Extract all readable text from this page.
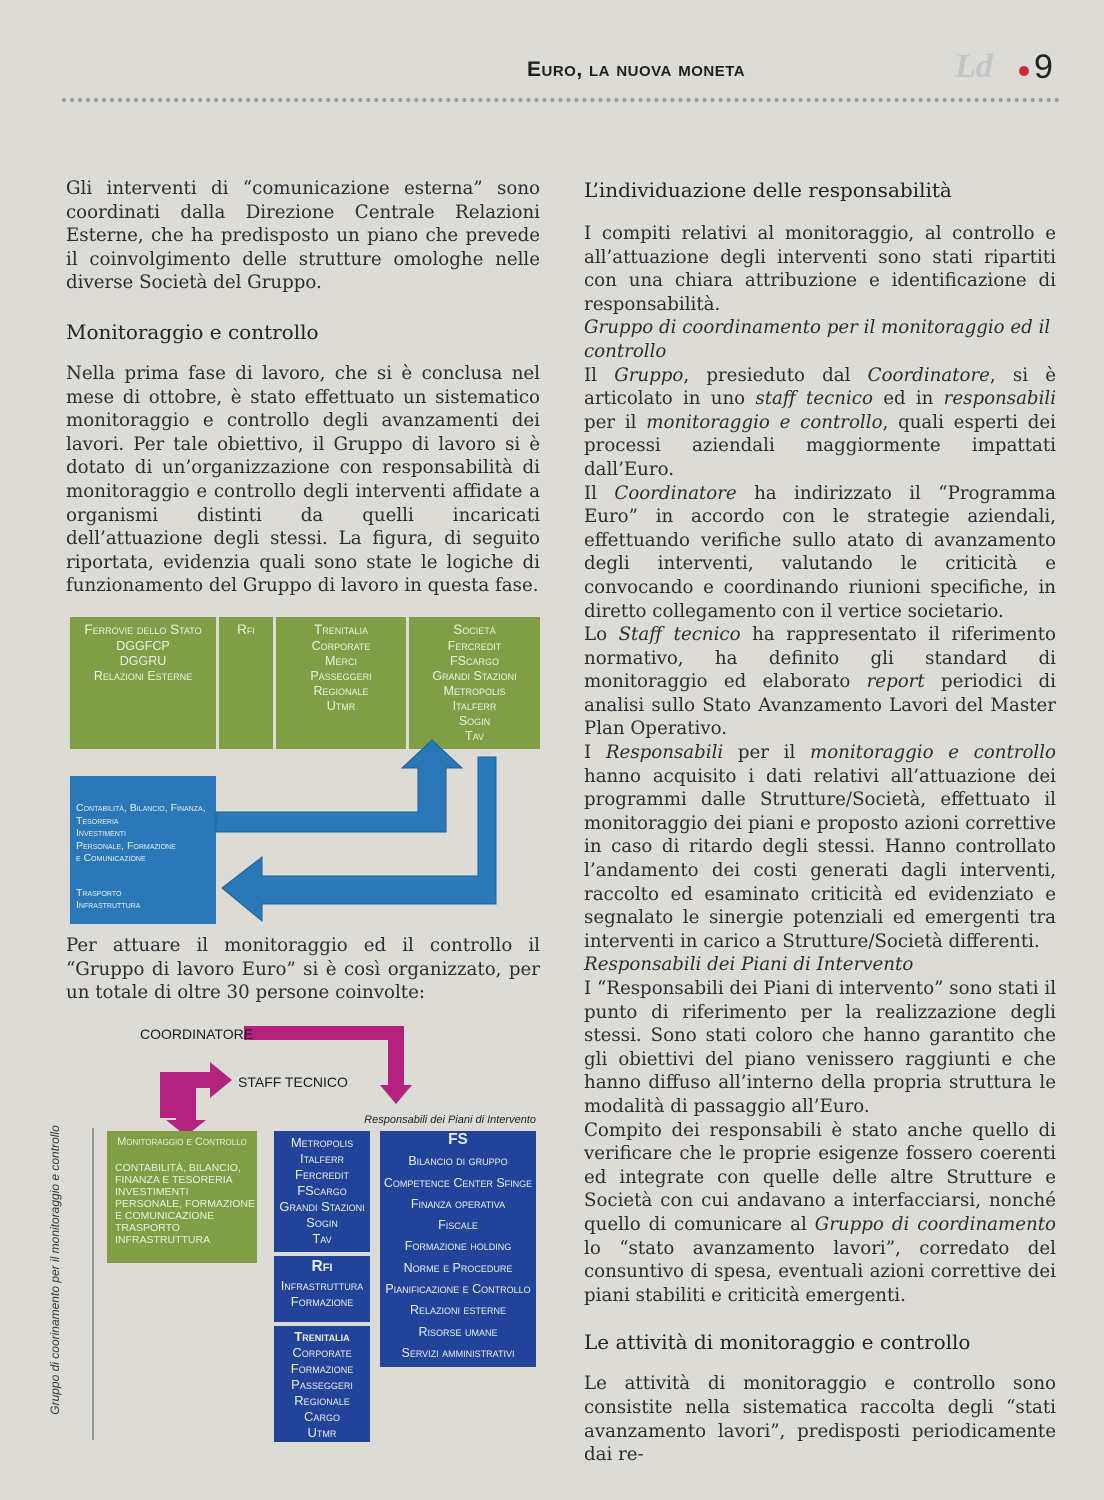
Euro, la nuova moneta	Ld 9

Gli interventi di “comunicazione esterna” sono coordinati dalla Direzione Centrale Relazioni Esterne, che ha predisposto un piano che prevede il coinvolgimento delle strutture omologhe nelle diverse Società del Gruppo.

Monitoraggio e controllo

Nella prima fase di lavoro, che si è conclusa nel mese di ottobre, è stato effettuato un sistematico monitoraggio e controllo degli avanzamenti dei lavori. Per tale obiettivo, il Gruppo di lavoro si è dotato di un’organizzazione con responsabilità di monitoraggio e controllo degli interventi affidate a organismi distinti da quelli incaricati dell’attuazione degli stessi. La figura, di seguito riportata, evidenzia quali sono state le logiche di funzionamento del Gruppo di lavoro in questa fase.

Ferrovie dello Stato
DGGFCP
DGGRU
Relazioni Esterne
Rfi	Trenitalia
Corporate
Merci
Passeggeri
Regionale
Utmr
Società
Fercredit
FScargo
Grandi Stazioni
Metropolis
Italferr
Sogin
Tav
Contabilità, Bilancio, Finanza,
Tesoreria
Investimenti
Personale, Formazione
e Comunicazione
Trasporto
Infrastruttura

Per attuare il monitoraggio ed il controllo il “Gruppo di lavoro Euro” si è così organizzato, per un totale di oltre 30 persone coinvolte:

COORDINATORE
STAFF TECNICO
Responsabili dei Piani di Intervento
Gruppo di coorinamento per il monitoraggio e controllo	Monitoraggio e Controllo
CONTABILITÀ, BILANCIO,
FINANZA E TESORERIA
INVESTIMENTI
PERSONALE, FORMAZIONE
E COMUNICAZIONE
TRASPORTO
INFRASTRUTTURA
Metropolis
Italferr
Fercredit
FScargo
Grandi Stazioni
Sogin
Tav
Rfi
Infrastruttura
Formazione
Trenitalia
Corporate
Formazione
Passeggeri
Regionale
Cargo
Utmr
FS
Bilancio di gruppo
Competence Center Sfinge
Finanza operativa
Fiscale
Formazione holding
Norme e Procedure
Pianificazione e Controllo
Relazioni esterne
Risorse umane
Servizi amministrativi
L’individuazione delle responsabilità

I compiti relativi al monitoraggio, al controllo e all’attuazione degli interventi sono stati ripartiti con una chiara attribuzione e identificazione di responsabilità.

Gruppo di coordinamento per il monitoraggio ed il controllo

Il Gruppo, presieduto dal Coordinatore, si è articolato in uno staff tecnico ed in responsabili per il monitoraggio e controllo, quali esperti dei processi aziendali maggiormente impattati dall’Euro.

Il Coordinatore ha indirizzato il “Programma Euro” in accordo con le strategie aziendali, effettuando verifiche sullo atato di avanzamento degli interventi, valutando le criticità e convocando e coordinando riunioni specifiche, in diretto collegamento con il vertice societario.

Lo Staff tecnico ha rappresentato il riferimento normativo, ha definito gli standard di monitoraggio ed elaborato report periodici di analisi sullo Stato Avanzamento Lavori del Master Plan Operativo.

I Responsabili per il monitoraggio e controllo hanno acquisito i dati relativi all’attuazione dei programmi dalle Strutture/Società, effettuato il monitoraggio dei piani e proposto azioni correttive in caso di ritardo degli stessi. Hanno controllato l’andamento dei costi generati dagli interventi, raccolto ed esaminato criticità ed evidenziato e segnalato le sinergie potenziali ed emergenti tra interventi in carico a Strutture/Società differenti.

Responsabili dei Piani di Intervento

I “Responsabili dei Piani di intervento” sono stati il punto di riferimento per la realizzazione degli stessi. Sono stati coloro che hanno garantito che gli obiettivi del piano venissero raggiunti e che hanno diffuso all’interno della propria struttura le modalità di passaggio all’Euro.

Compito dei responsabili è stato anche quello di verificare che le proprie esigenze fossero coerenti ed integrate con quelle delle altre Strutture e Società con cui andavano a interfacciarsi, nonché quello di comunicare al Gruppo di coordinamento lo “stato avanzamento lavori”, corredato del consuntivo di spesa, eventuali azioni correttive dei piani stabiliti e criticità emergenti.

Le attività di monitoraggio e controllo

Le attività di monitoraggio e controllo sono consistite nella sistematica raccolta degli “stati avanzamento lavori”, predisposti periodicamente dai re-
